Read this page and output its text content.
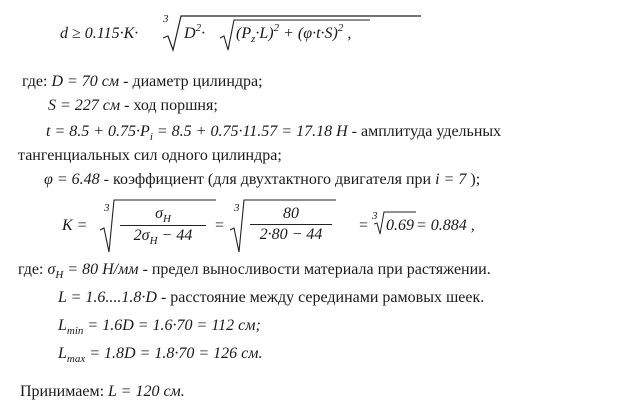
d ≥ 0.115·K·
3
$D^2\cdot (P_z\cdot L)^2 + (\varphi\cdot t\cdot S)^2$ ,
где: D = 70 см - диаметр цилиндра;
S = 227 см - ход поршня;
$t = 8.5 + 0.75\cdot P_i = 8.5 + 0.75\cdot 11.57 = 17.18$ H - амплитуда удельных
тангенциальных сил одного цилиндра;
φ = 6.48 - коэффициент (для двухтактного двигателя при i = 7 );
K =
$3 \frac{\sigma_H}{2\sigma_H - 44}$ =
$3 \frac{80}{2\cdot 80 - 44}$ =
3
0.69 = 0.884 ,
где: $\sigma_H = 80$ H/мм - предел выносливости материала при растяжении.
L = 1.6....1.8·D - расстояние между серединами рамовых шеек.
$L_{min} = 1.6D = 1.6\cdot 70 = 112$ см;
$L_{max} = 1.8D = 1.8\cdot 70 = 126$ см.
Принимаем: L = 120 см.
